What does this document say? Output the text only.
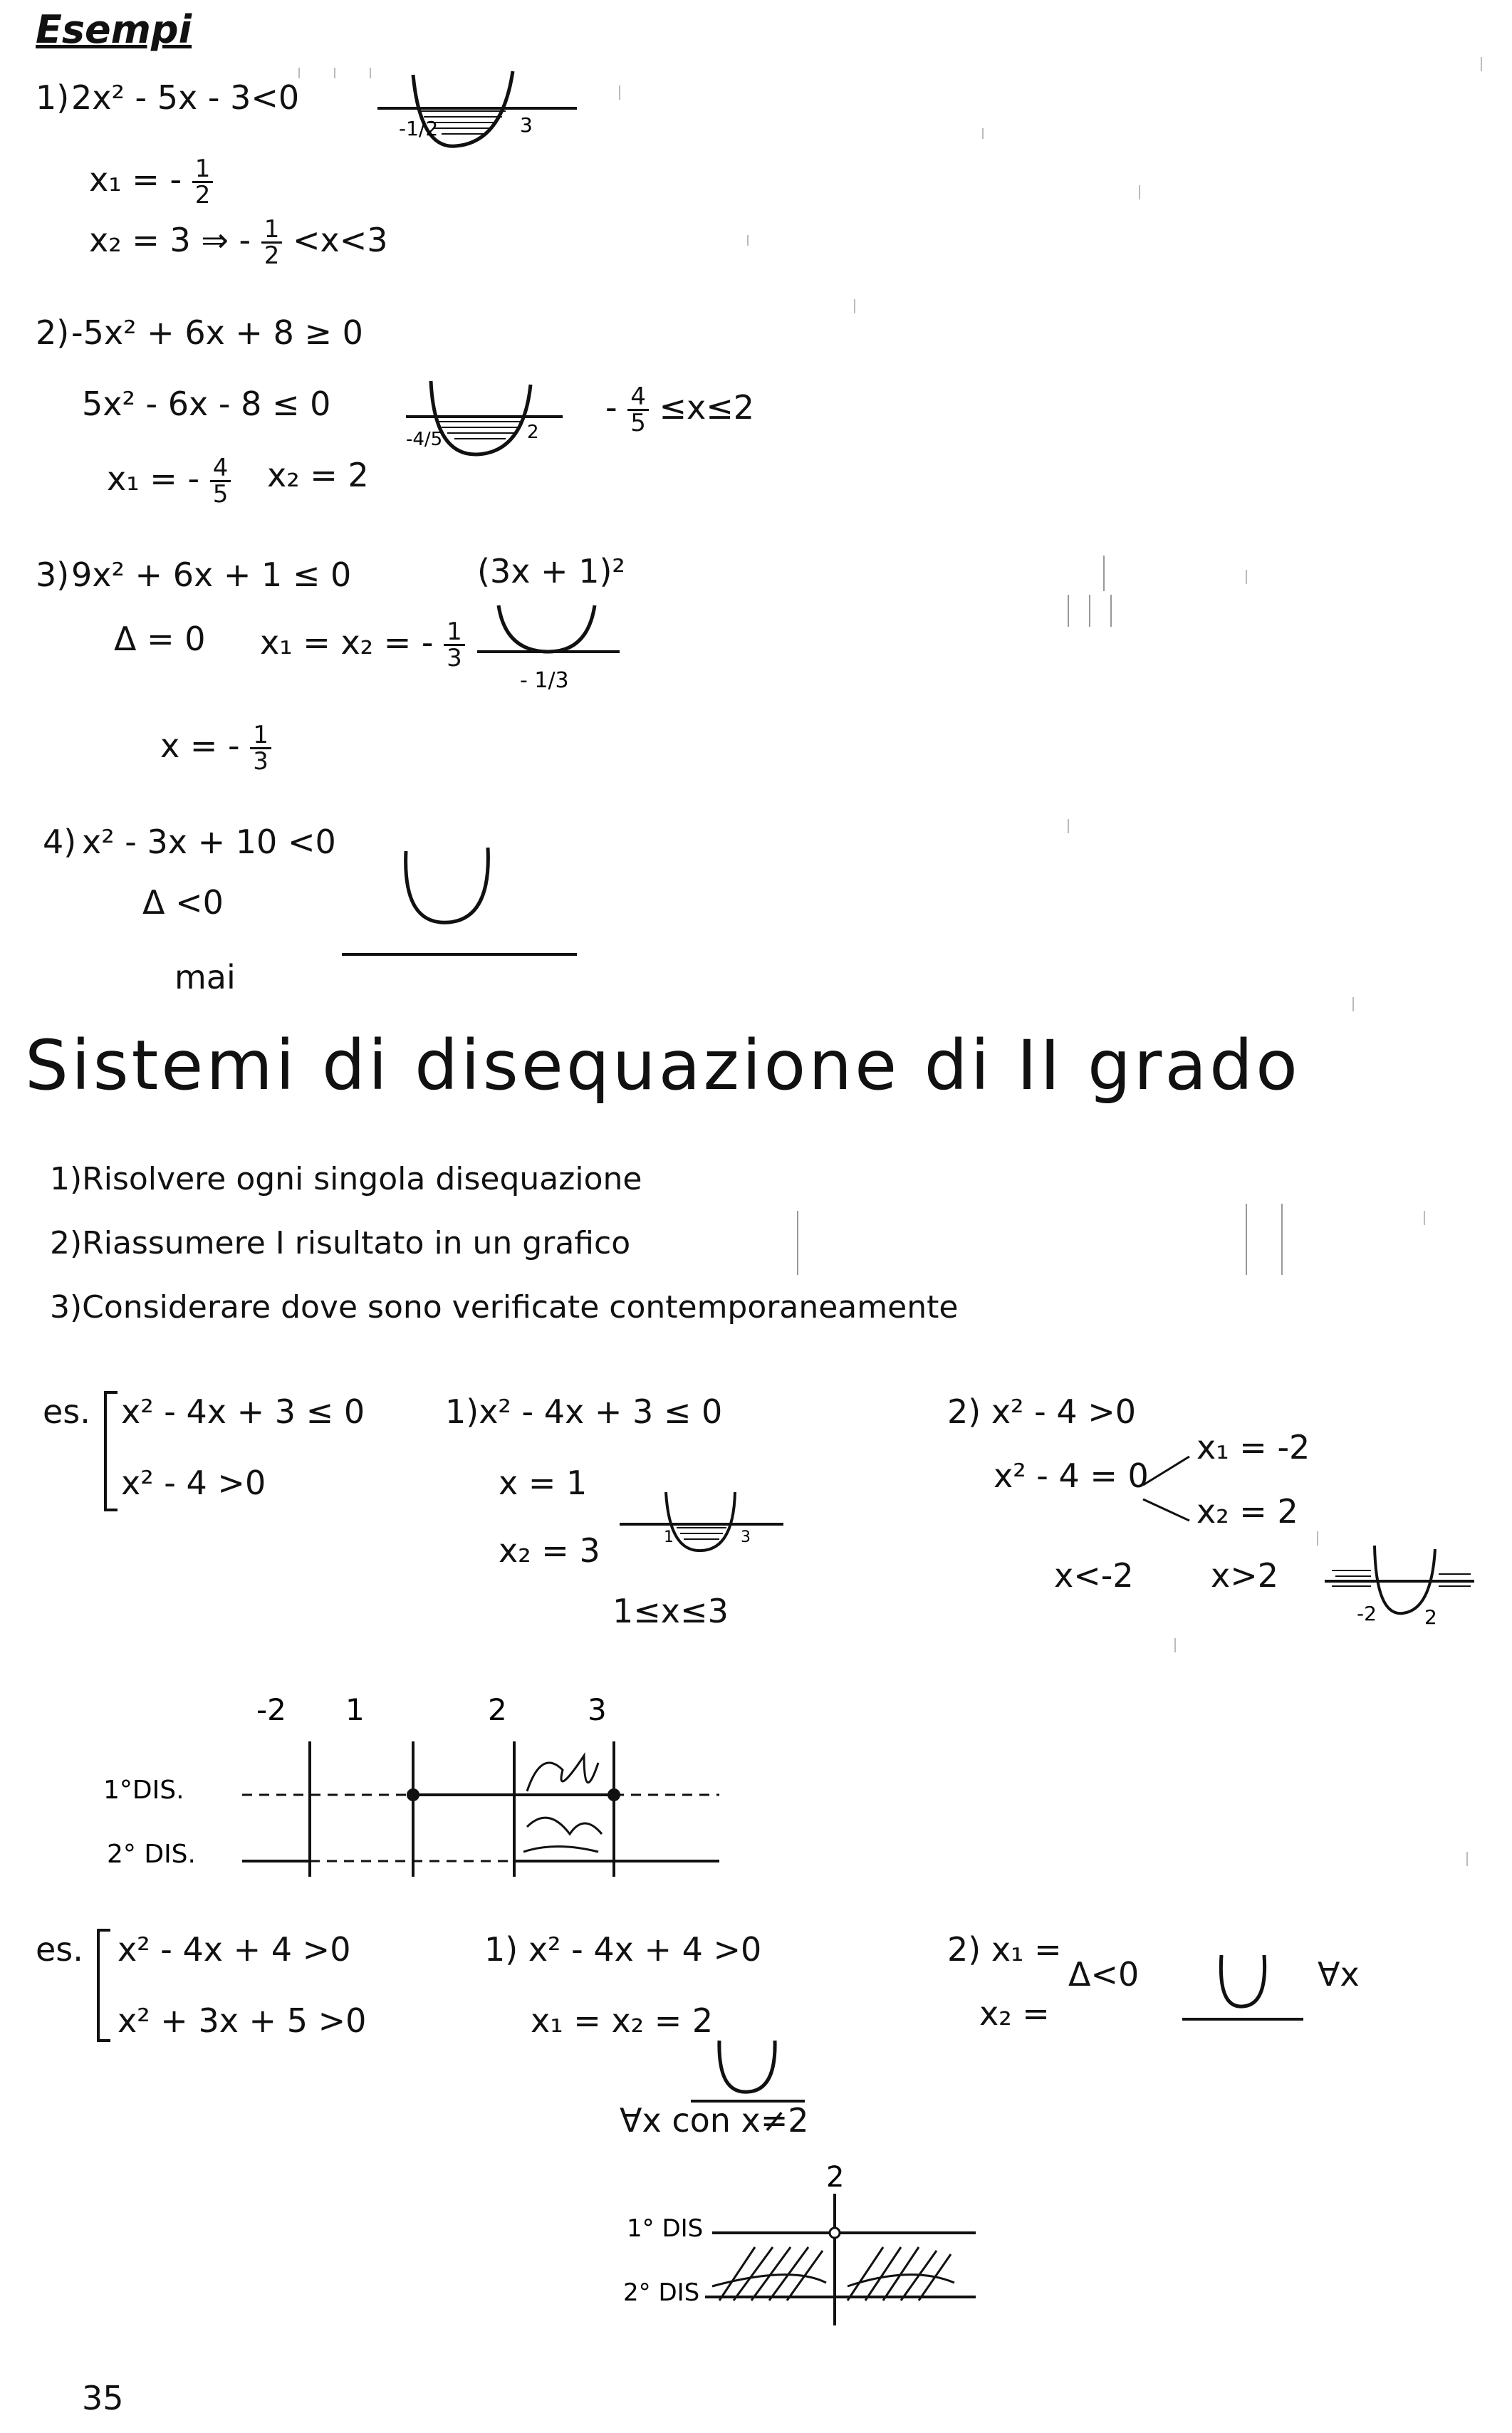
Esempi
1) 2x² - 5x - 3<0
x₁ = - $\frac{1}{2}$
x₂ = 3 ⇒ - $\frac{1}{2} <x<3$
-1/2	3
2) -5x² + 6x + 8 ≥ 0
5x² - 6x - 8 ≤ 0
x₁ = - $\frac{4}{5} x_2 = 2$
-4/5	2
- $\frac{4}{5} \le x\le 2$
3) 9x² + 6x + 1 ≤ 0	(3x + 1)²
Δ = 0 x₁ = x₂ = - $\frac{1}{3}$
- 1/3
x = - $\frac{1}{3}$
4) x² - 3x + 10 <0
Δ <0
mai
Sistemi di disequazione di II grado
1)Risolvere ogni singola disequazione
2)Riassumere I risultato in un grafico
3)Considerare dove sono verificate contemporaneamente
es. x² - 4x + 3 ≤ 0
x² - 4 >0
1)x² - 4x + 3 ≤ 0
x = 1
x₂ = 3	1	3
1≤x≤3
2) x² - 4 >0
x² - 4 = 0
x₁ = -2
x₂ = 2
x<-2 x>2
-2 2
-2 1	2	3
1°DIS.
2° DIS.
es. x² - 4x + 4 >0
x² + 3x + 5 >0
1) x² - 4x + 4 >0
x₁ = x₂ = 2
∀x con x≠2
2) x₁ =
x₂ =
Δ<0	∀x
2
1° DIS
2° DIS
35
